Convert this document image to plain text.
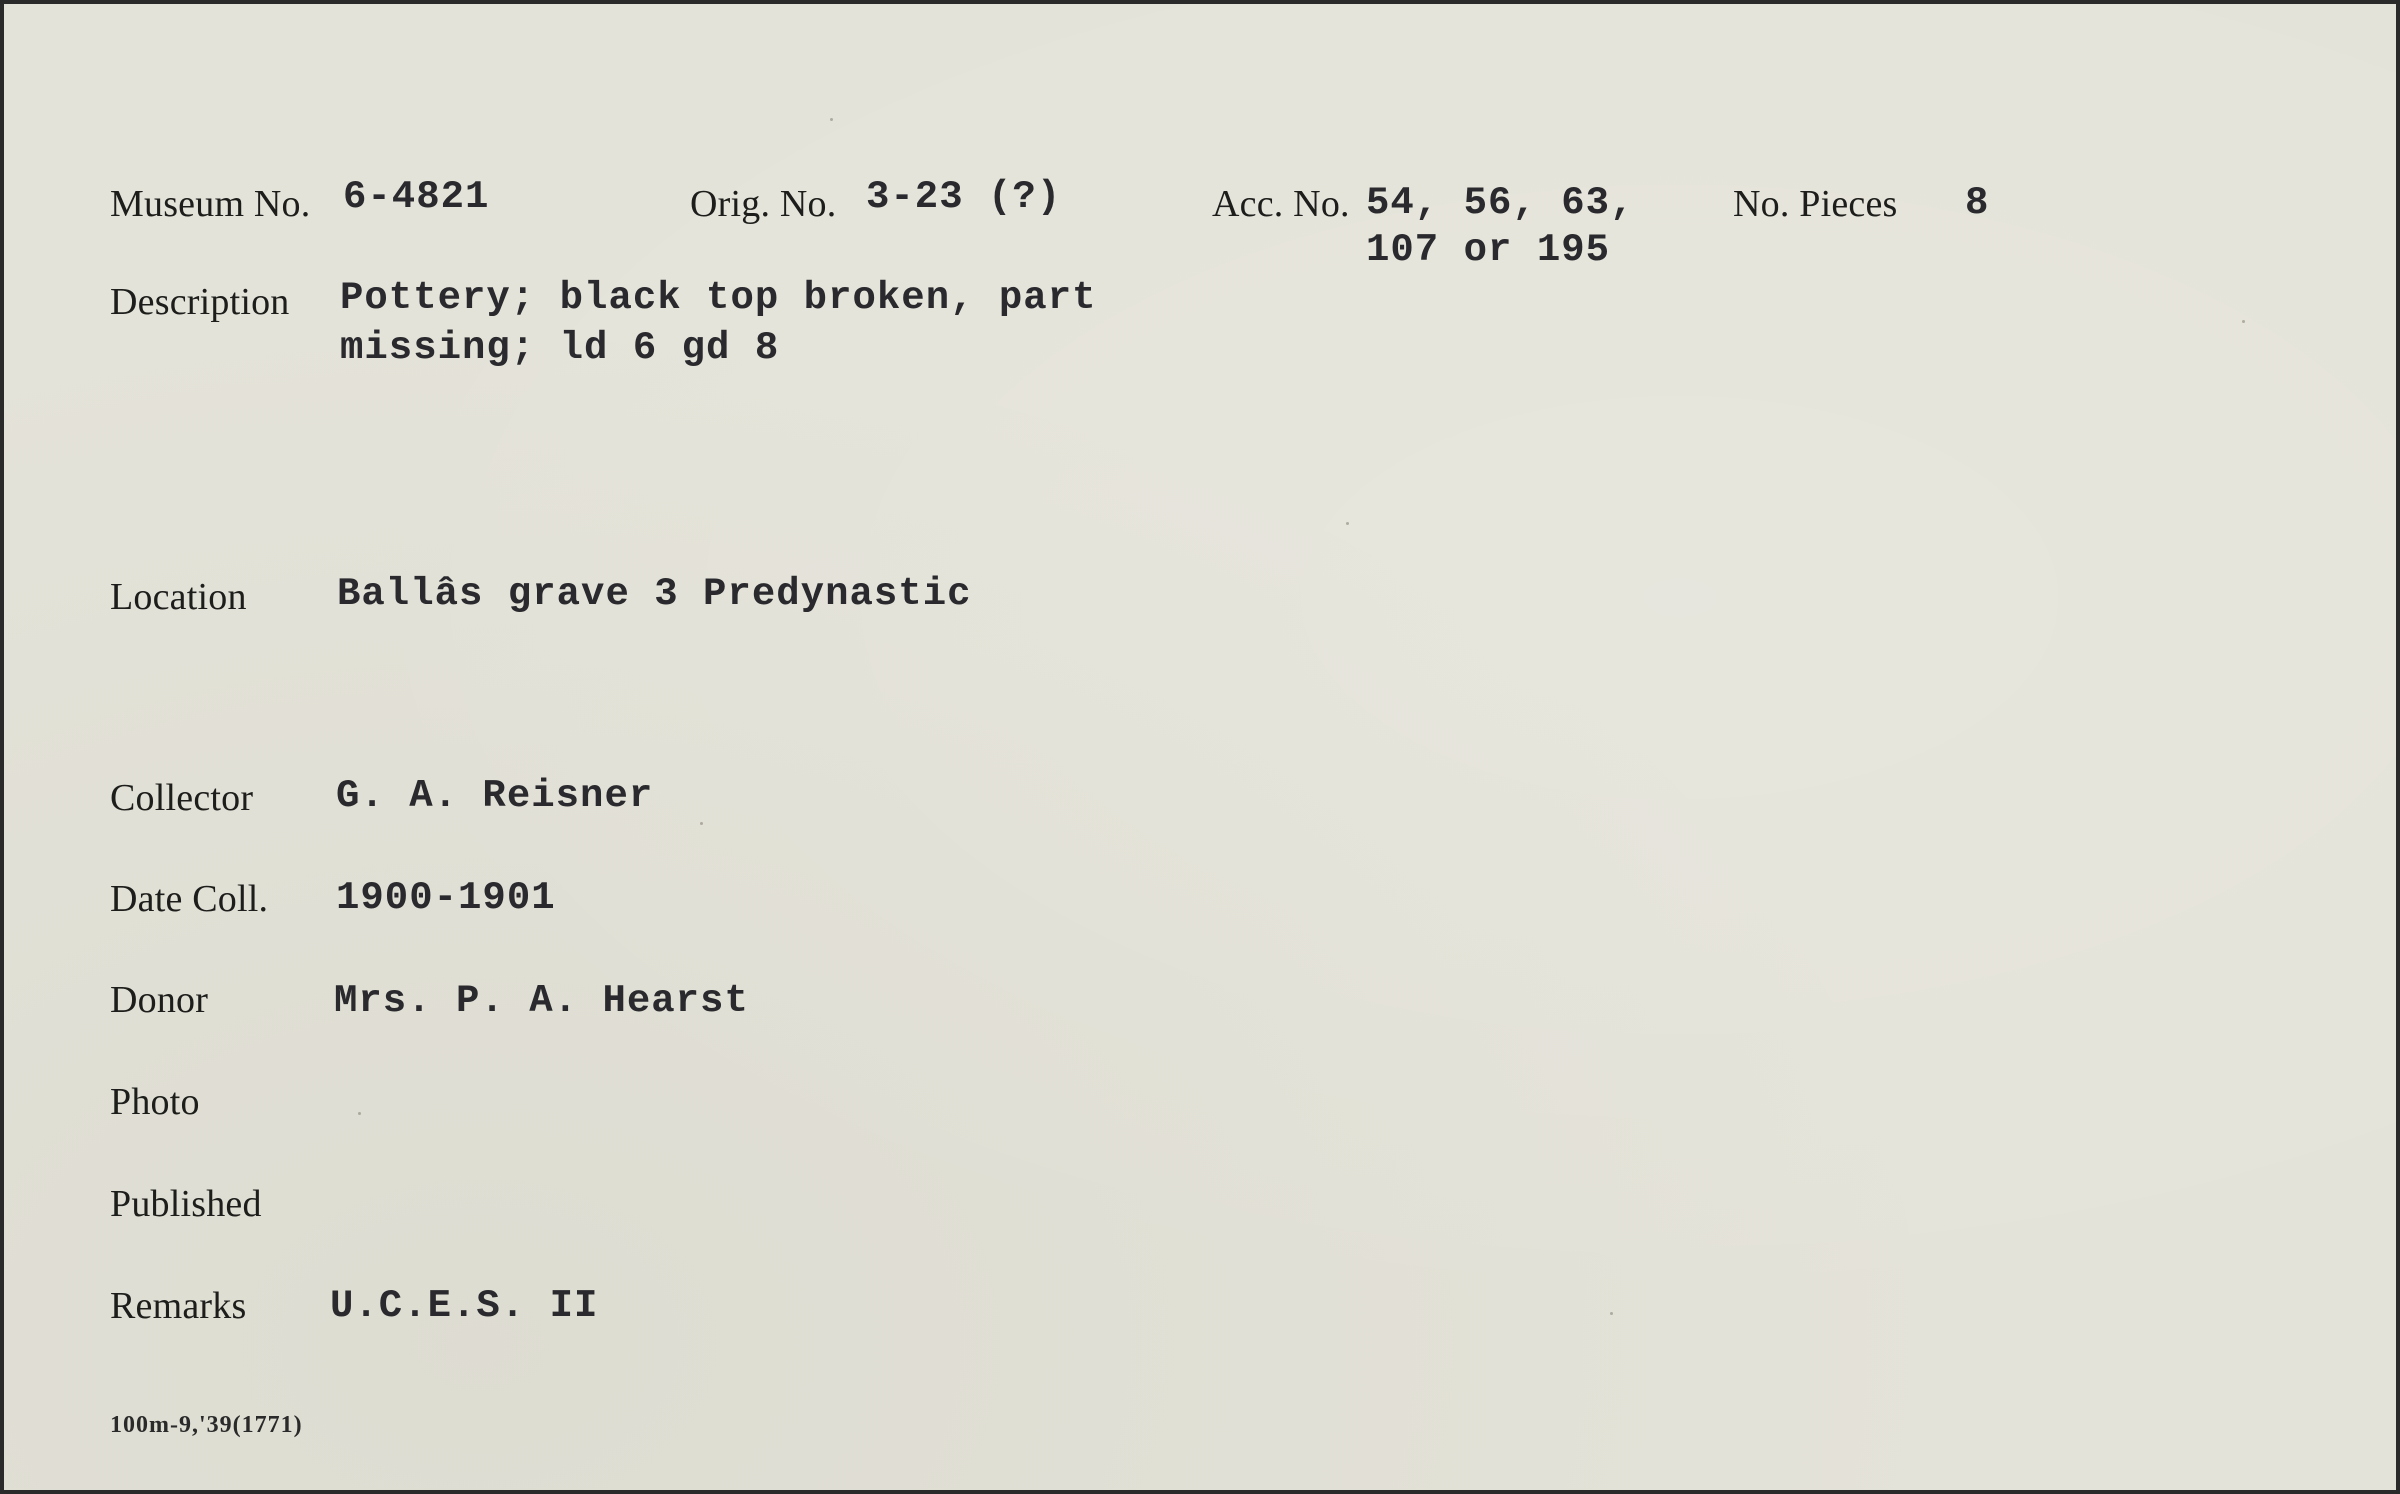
Museum No. 6-4821	Orig. No. 3-23 (?)	Acc. No. 54, 56, 63,
107 or 195
No. Pieces 8
Description Pottery; black top broken, part
missing; ld 6 gd 8
Location Ballâs grave 3 Predynastic
Collector G. A. Reisner
Date Coll. 1900-1901
Donor	Mrs. P. A. Hearst
Photo
Published
Remarks U.C.E.S. II
100m-9,'39(1771)
